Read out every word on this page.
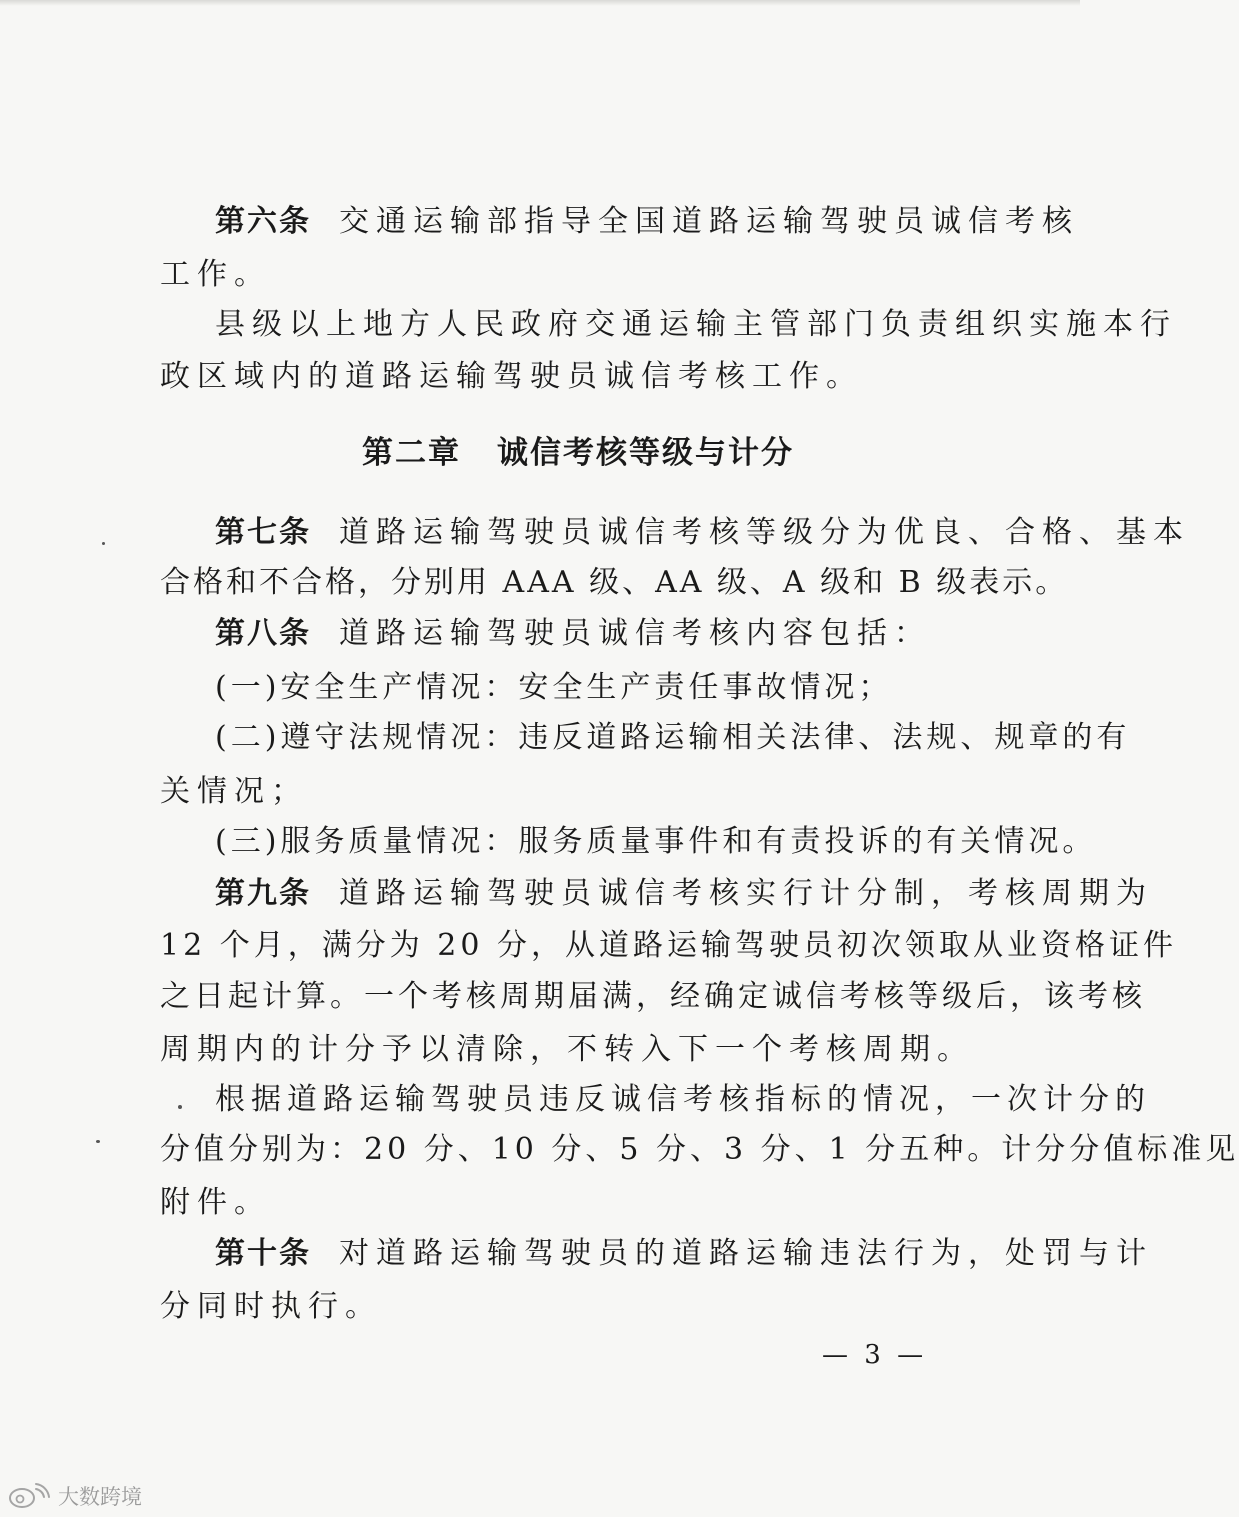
第六条 交通运输部指导全国道路运输驾驶员诚信考核
工作。
县级以上地方人民政府交通运输主管部门负责组织实施本行
政区域内的道路运输驾驶员诚信考核工作。
第二章 诚信考核等级与计分
第七条 道路运输驾驶员诚信考核等级分为优良、合格、基本
合格和不合格，分别用 AAA 级、AA 级、A 级和 B 级表示。
第八条 道路运输驾驶员诚信考核内容包括：
(一)安全生产情况：安全生产责任事故情况；
(二)遵守法规情况：违反道路运输相关法律、法规、规章的有
关情况；
(三)服务质量情况：服务质量事件和有责投诉的有关情况。
第九条 道路运输驾驶员诚信考核实行计分制，考核周期为
12 个月，满分为 20 分，从道路运输驾驶员初次领取从业资格证件
之日起计算。一个考核周期届满，经确定诚信考核等级后，该考核
周期内的计分予以清除，不转入下一个考核周期。
根据道路运输驾驶员违反诚信考核指标的情况，一次计分的
分值分别为：20 分、10 分、5 分、3 分、1 分五种。计分分值标准见
附件。
第十条 对道路运输驾驶员的道路运输违法行为，处罚与计
分同时执行。
— 3 —
大数跨境
